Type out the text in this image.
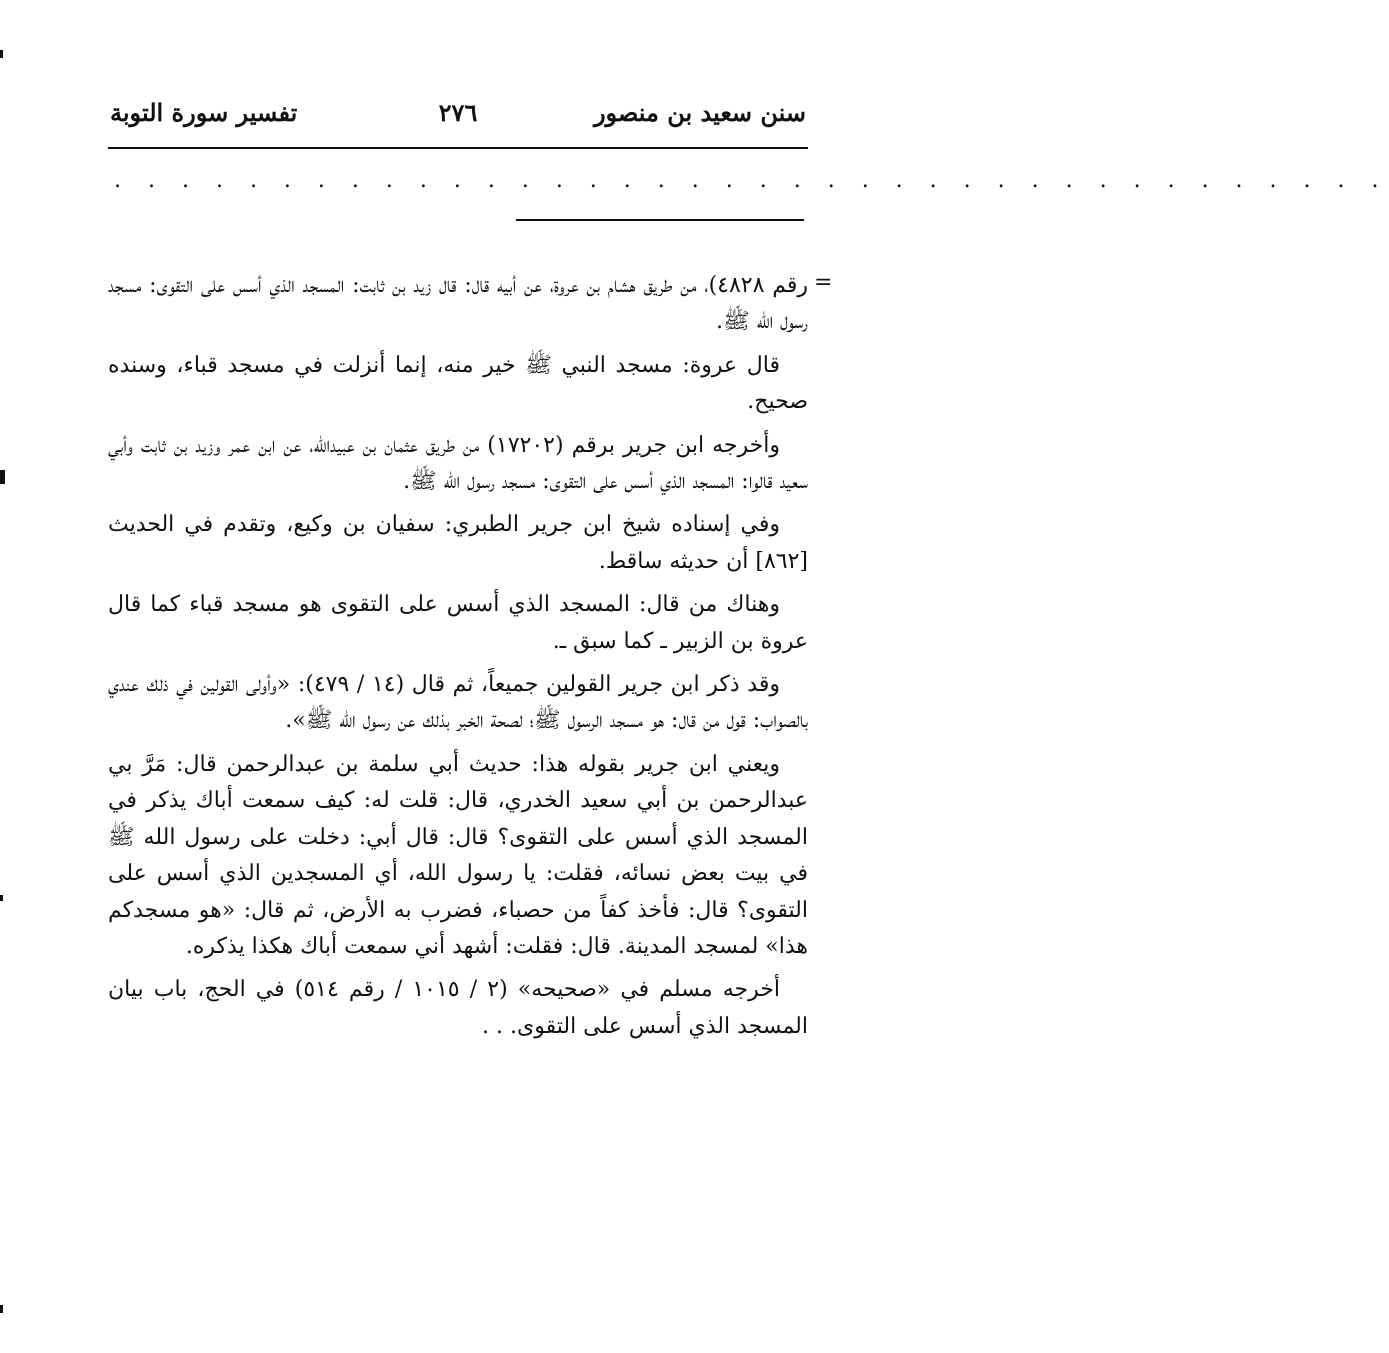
سنن سعيد بن منصور
٢٧٦
تفسير سورة التوبة
. . . . . . . . . . . . . . . . . . . . . . . . . . . . . . . . . . . . . .
=

رقم ٤٨٢٨)، من طريق هشام بن عروة، عن أبيه قال: قال زيد بن ثابت: المسجد الذي أسس على التقوى: مسجد رسول الله ﷺ.

قال عروة: مسجد النبي ﷺ خير منه، إنما أنزلت في مسجد قباء، وسنده صحيح.

وأخرجه ابن جرير برقم (١٧٢٠٢) من طريق عثمان بن عبيدالله، عن ابن عمر وزيد بن ثابت وأبي سعيد قالوا: المسجد الذي أسس على التقوى: مسجد رسول الله ﷺ.

وفي إسناده شيخ ابن جرير الطبري: سفيان بن وكيع، وتقدم في الحديث [٨٦٢] أن حديثه ساقط.

وهناك من قال: المسجد الذي أسس على التقوى هو مسجد قباء كما قال عروة بن الزبير ـ كما سبق ـ.

وقد ذكر ابن جرير القولين جميعاً، ثم قال (١٤ / ٤٧٩): «وأولى القولين في ذلك عندي بالصواب: قول من قال: هو مسجد الرسول ﷺ؛ لصحة الخبر بذلك عن رسول الله ﷺ».

ويعني ابن جرير بقوله هذا: حديث أبي سلمة بن عبدالرحمن قال: مَرَّ بي عبدالرحمن بن أبي سعيد الخدري، قال: قلت له: كيف سمعت أباك يذكر في المسجد الذي أسس على التقوى؟ قال: قال أبي: دخلت على رسول الله ﷺ في بيت بعض نسائه، فقلت: يا رسول الله، أي المسجدين الذي أسس على التقوى؟ قال: فأخذ كفاً من حصباء، فضرب به الأرض، ثم قال: «هو مسجدكم هذا» لمسجد المدينة. قال: فقلت: أشهد أني سمعت أباك هكذا يذكره.

أخرجه مسلم في «صحيحه» (٢ / ١٠١٥ / رقم ٥١٤) في الحج، باب بيان المسجد الذي أسس على التقوى. . .
